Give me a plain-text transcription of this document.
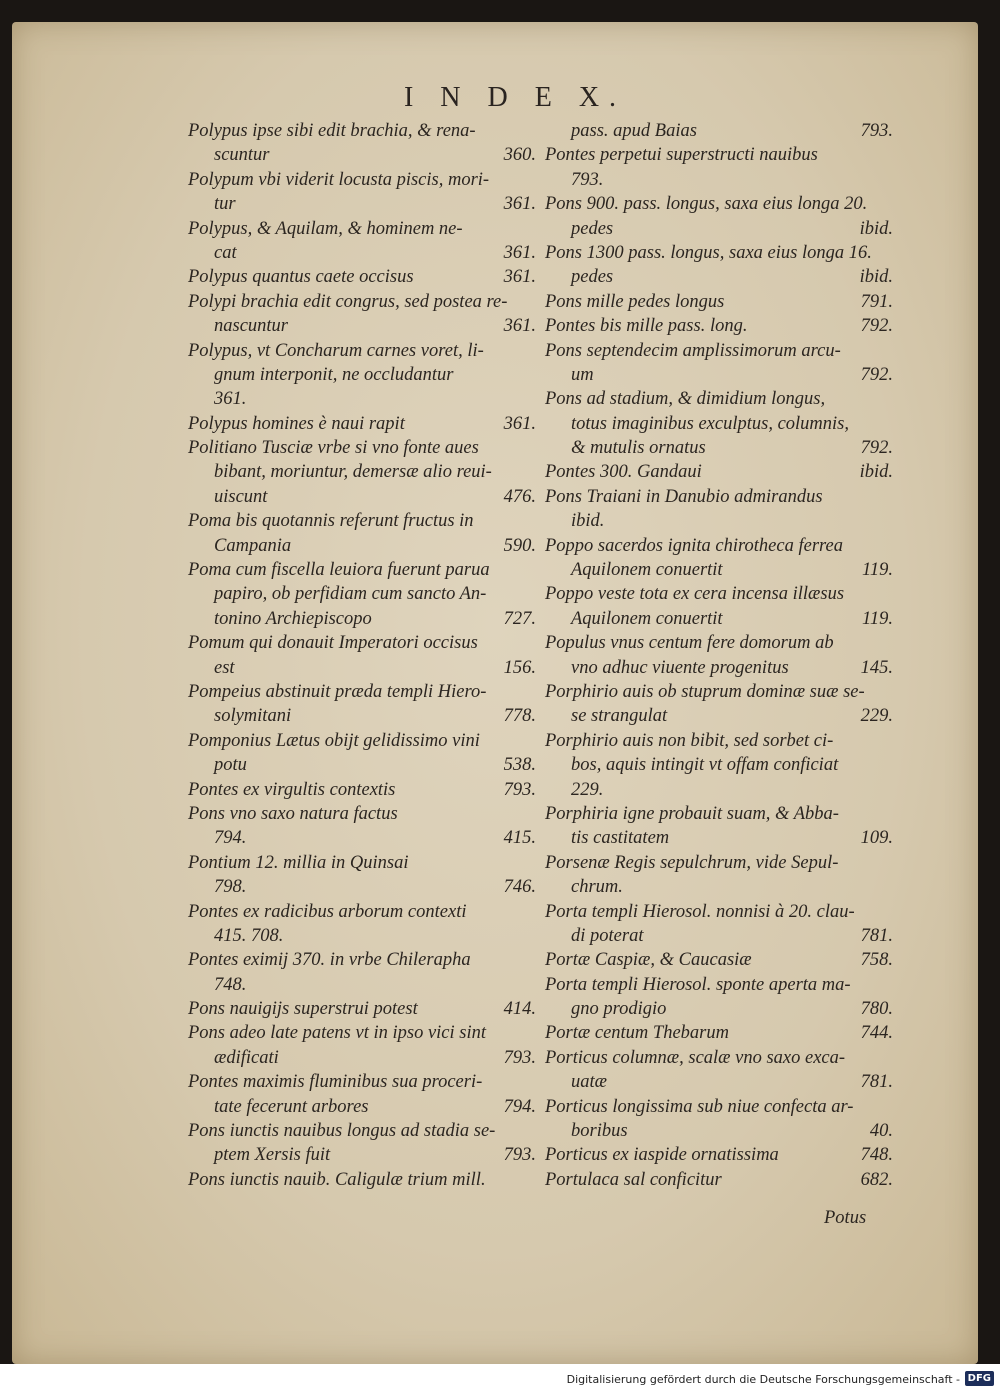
I N D E X.
Polypus ipse sibi edit brachia, & rena-
scuntur	360.
Polypum vbi viderit locusta piscis, mori-
tur	361.
Polypus, & Aquilam, & hominem ne-
cat	361.
Polypus quantus caete occisus	361.
Polypi brachia edit congrus, sed postea re-
nascuntur	361.
Polypus, vt Concharum carnes voret, li-
gnum interponit, ne occludantur
361.
Polypus homines è naui rapit	361.
Politiano Tusciæ vrbe si vno fonte aues
bibant, moriuntur, demersæ alio reui-
uiscunt	476.
Poma bis quotannis referunt fructus in
Campania	590.
Poma cum fiscella leuiora fuerunt parua
papiro, ob perfidiam cum sancto An-
tonino Archiepiscopo	727.
Pomum qui donauit Imperatori occisus
est	156.
Pompeius abstinuit præda templi Hiero-
solymitani	778.
Pomponius Lætus obijt gelidissimo vini
potu	538.
Pontes ex virgultis contextis	793.
Pons vno saxo natura factus
794.	415.
Pontium 12. millia in Quinsai
798.	746.
Pontes ex radicibus arborum contexti
415. 708.
Pontes eximij 370. in vrbe Chilerapha
748.
Pons nauigijs superstrui potest	414.
Pons adeo late patens vt in ipso vici sint
ædificati	793.
Pontes maximis fluminibus sua proceri-
tate fecerunt arbores	794.
Pons iunctis nauibus longus ad stadia se-
ptem Xersis fuit	793.
Pons iunctis nauib. Caligulæ trium mill.
pass. apud Baias	793.
Pontes perpetui superstructi nauibus
793.
Pons 900. pass. longus, saxa eius longa 20.
pedes	ibid.
Pons 1300 pass. longus, saxa eius longa 16.
pedes	ibid.
Pons mille pedes longus	791.
Pontes bis mille pass. long.	792.
Pons septendecim amplissimorum arcu-
um	792.
Pons ad stadium, & dimidium longus,
totus imaginibus exculptus, columnis,
& mutulis ornatus	792.
Pontes 300. Gandaui	ibid.
Pons Traiani in Danubio admirandus
ibid.
Poppo sacerdos ignita chirotheca ferrea
Aquilonem conuertit	119.
Poppo veste tota ex cera incensa illæsus
Aquilonem conuertit	119.
Populus vnus centum fere domorum ab
vno adhuc viuente progenitus	145.
Porphirio auis ob stuprum dominæ suæ se-
se strangulat	229.
Porphirio auis non bibit, sed sorbet ci-
bos, aquis intingit vt offam conficiat
229.
Porphiria igne probauit suam, & Abba-
tis castitatem	109.
Porsenæ Regis sepulchrum, vide Sepul-
chrum.
Porta templi Hierosol. nonnisi à 20. clau-
di poterat	781.
Portæ Caspiæ, & Caucasiæ	758.
Porta templi Hierosol. sponte aperta ma-
gno prodigio	780.
Portæ centum Thebarum	744.
Porticus columnæ, scalæ vno saxo exca-
uatæ	781.
Porticus longissima sub niue confecta ar-
boribus	40.
Porticus ex iaspide ornatissima	748.
Portulaca sal conficitur	682.
Potus
Digitalisierung gefördert durch die Deutsche Forschungsgemeinschaft - DFG
